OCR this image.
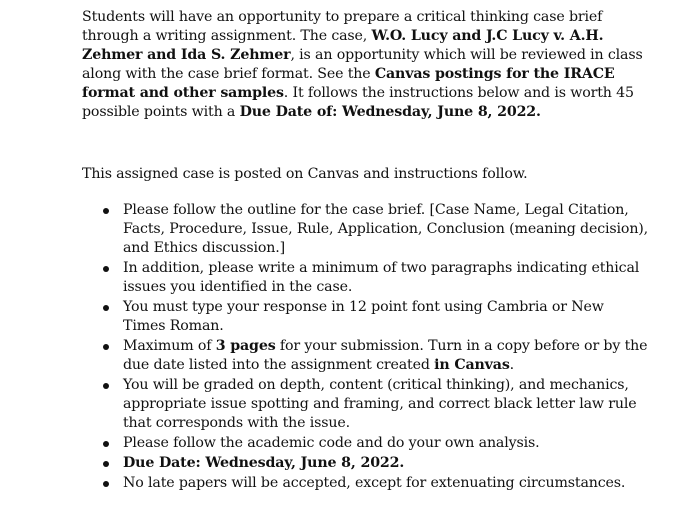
Students will have an opportunity to prepare a critical thinking case brief through a writing assignment. The case, W.O. Lucy and J.C Lucy v. A.H. Zehmer and Ida S. Zehmer, is an opportunity which will be reviewed in class along with the case brief format. See the Canvas postings for the IRACE format and other samples. It follows the instructions below and is worth 45 possible points with a Due Date of: Wednesday, June 8, 2022.

This assigned case is posted on Canvas and instructions follow.

Please follow the outline for the case brief. [Case Name, Legal Citation, Facts, Procedure, Issue, Rule, Application, Conclusion (meaning decision), and Ethics discussion.]
In addition, please write a minimum of two paragraphs indicating ethical issues you identified in the case.
You must type your response in 12 point font using Cambria or New Times Roman.
Maximum of 3 pages for your submission. Turn in a copy before or by the due date listed into the assignment created in Canvas.
You will be graded on depth, content (critical thinking), and mechanics, appropriate issue spotting and framing, and correct black letter law rule that corresponds with the issue.
Please follow the academic code and do your own analysis.
Due Date: Wednesday, June 8, 2022.
No late papers will be accepted, except for extenuating circumstances.
